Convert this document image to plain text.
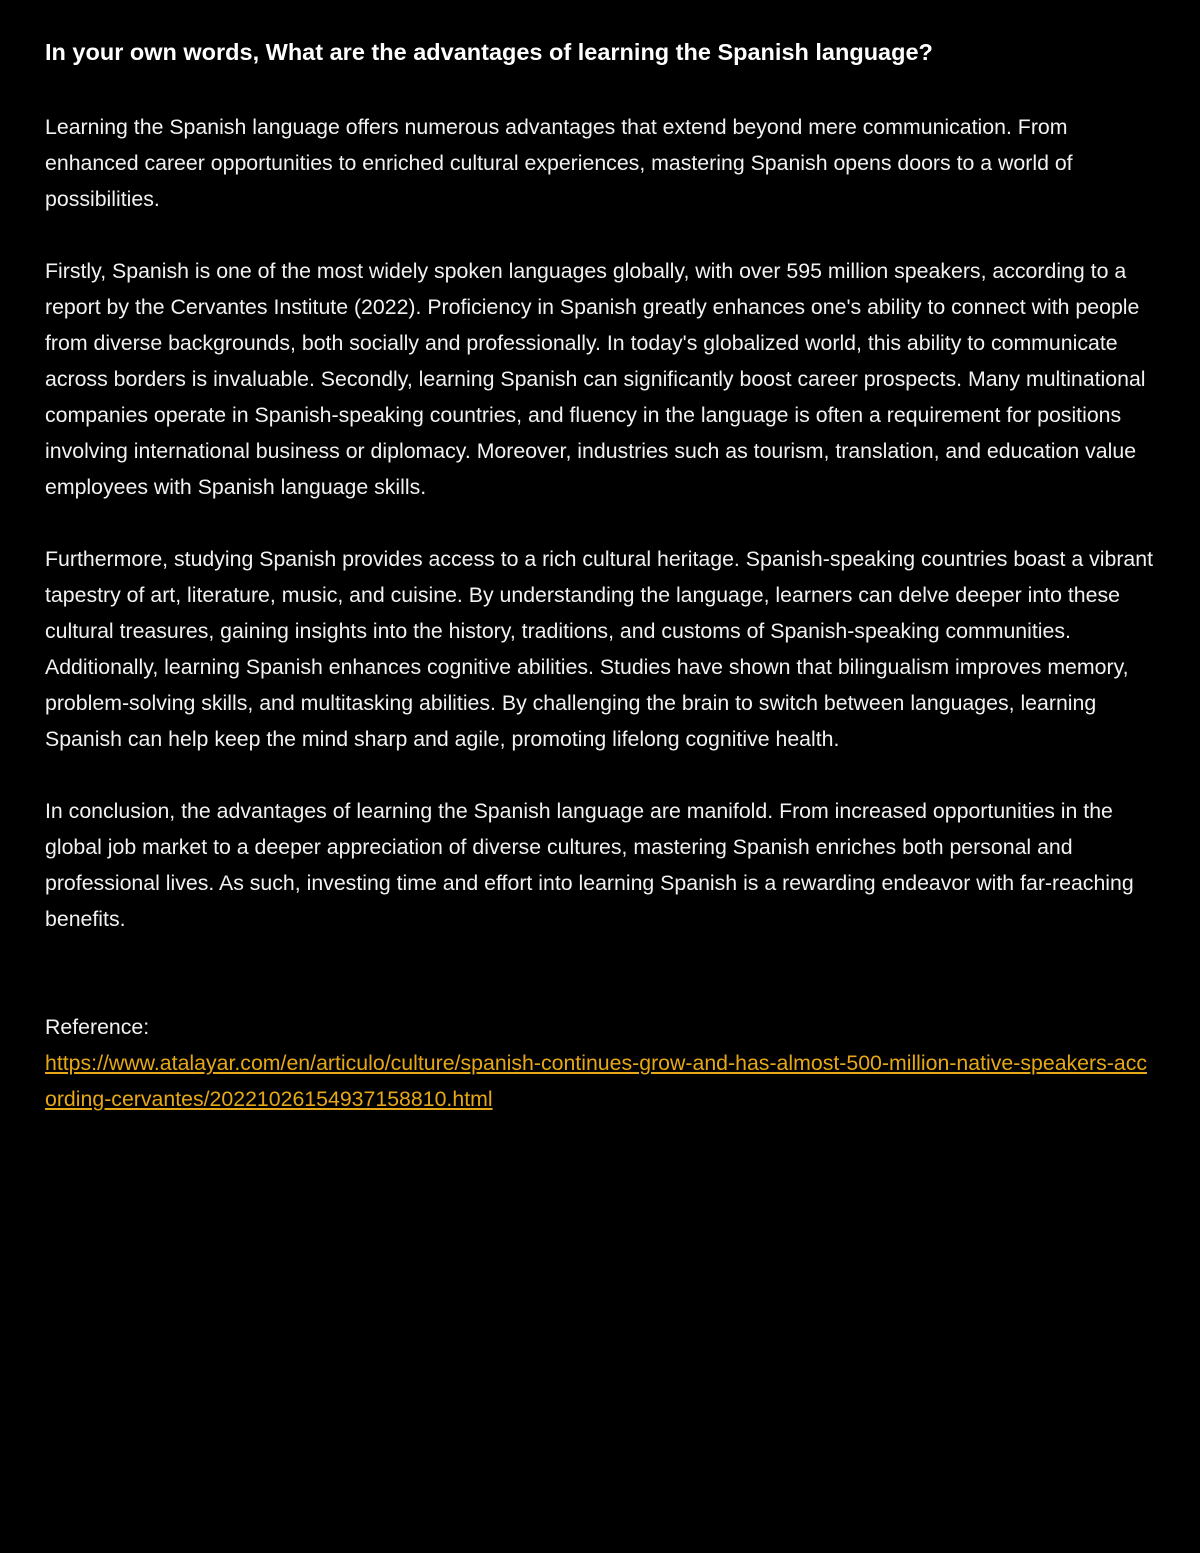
In your own words, What are the advantages of learning the Spanish language?

Learning the Spanish language offers numerous advantages that extend beyond mere communication. From enhanced career opportunities to enriched cultural experiences, mastering Spanish opens doors to a world of possibilities.

Firstly, Spanish is one of the most widely spoken languages globally, with over 595 million speakers, according to a report by the Cervantes Institute (2022). Proficiency in Spanish greatly enhances one's ability to connect with people from diverse backgrounds, both socially and professionally. In today's globalized world, this ability to communicate across borders is invaluable. Secondly, learning Spanish can significantly boost career prospects. Many multinational companies operate in Spanish-speaking countries, and fluency in the language is often a requirement for positions involving international business or diplomacy. Moreover, industries such as tourism, translation, and education value employees with Spanish language skills.

Furthermore, studying Spanish provides access to a rich cultural heritage. Spanish-speaking countries boast a vibrant tapestry of art, literature, music, and cuisine. By understanding the language, learners can delve deeper into these cultural treasures, gaining insights into the history, traditions, and customs of Spanish-speaking communities. Additionally, learning Spanish enhances cognitive abilities. Studies have shown that bilingualism improves memory, problem-solving skills, and multitasking abilities. By challenging the brain to switch between languages, learning Spanish can help keep the mind sharp and agile, promoting lifelong cognitive health.

In conclusion, the advantages of learning the Spanish language are manifold. From increased opportunities in the global job market to a deeper appreciation of diverse cultures, mastering Spanish enriches both personal and professional lives. As such, investing time and effort into learning Spanish is a rewarding endeavor with far-reaching benefits.

Reference:
https://www.atalayar.com/en/articulo/culture/spanish-continues-grow-and-has-almost-500-million-native-speakers-according-cervantes/20221026154937158810.html
